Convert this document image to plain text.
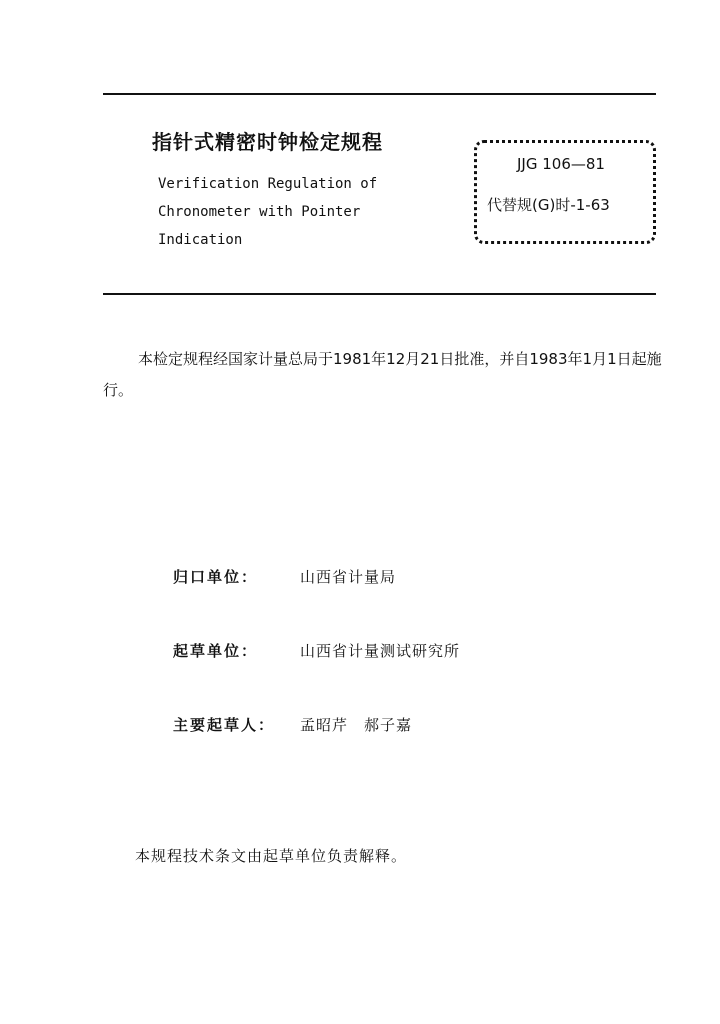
指针式精密时钟检定规程
Verification Regulation of
Chronometer with Pointer
Indication
JJG 106—81
代替规(G)时-1-63
本检定规程经国家计量总局于1981年12月21日批准，并自1983年1月1日起施行。
归口单位：	山西省计量局
起草单位：	山西省计量测试研究所
主要起草人： 孟昭芹　郝子嘉
本规程技术条文由起草单位负责解释。
